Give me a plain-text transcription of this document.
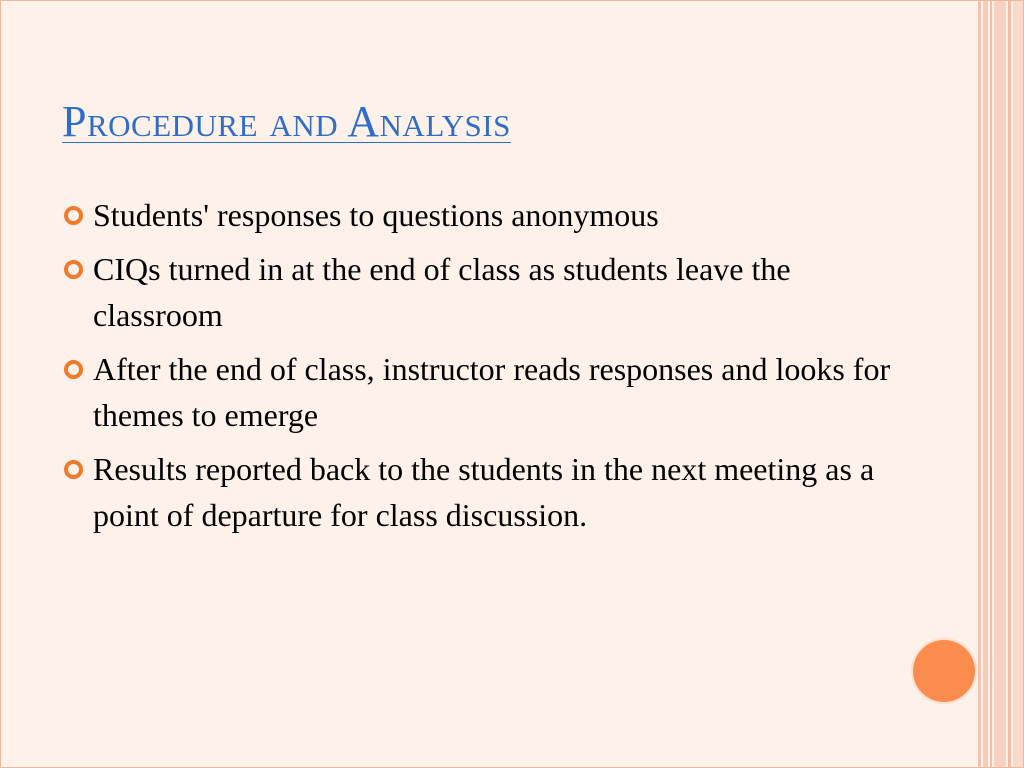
Procedure and Analysis
Students' responses to questions anonymous
CIQs turned in at the end of class as students leave the classroom
After the end of class, instructor reads responses and looks for themes to emerge
Results reported back to the students in the next meeting as a point of departure for class discussion.
